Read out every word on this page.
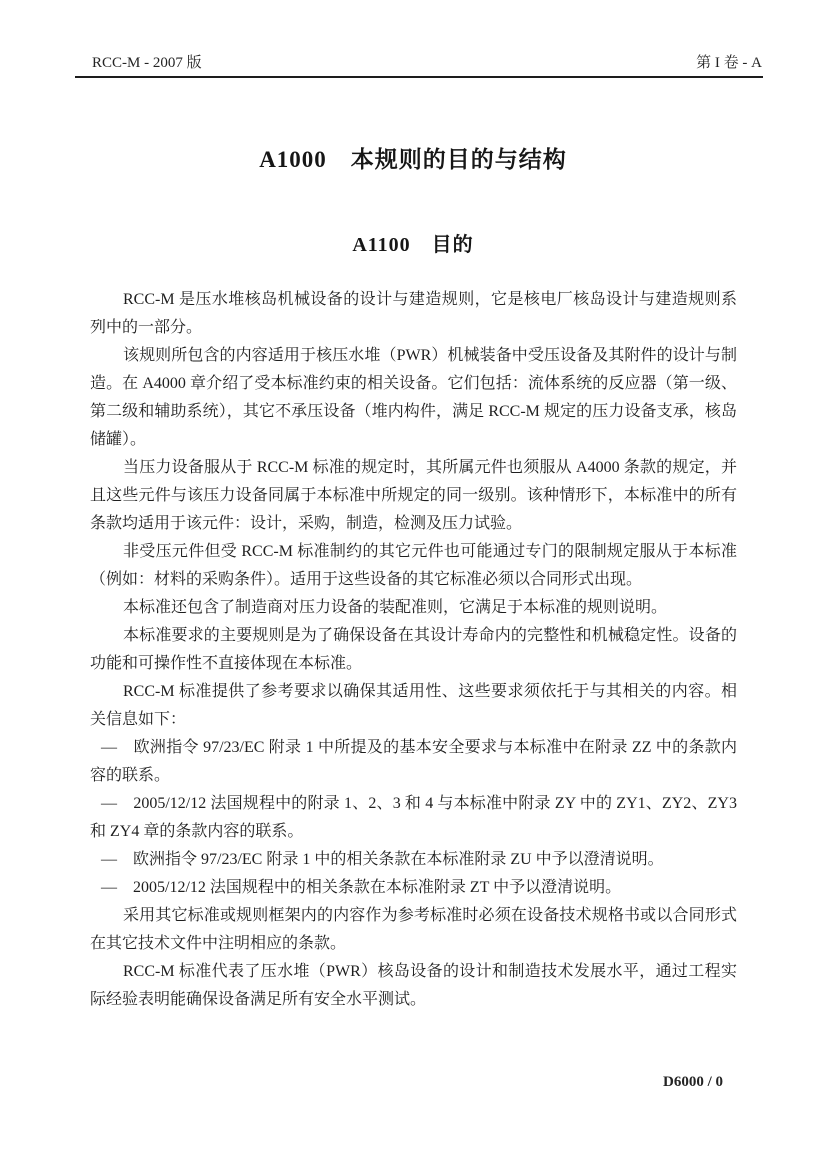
RCC-M - 2007 版	第 I 卷 - A
A1000　本规则的目的与结构
A1100　目的

RCC-M 是压水堆核岛机械设备的设计与建造规则，它是核电厂核岛设计与建造规则系列中的一部分。

该规则所包含的内容适用于核压水堆（PWR）机械装备中受压设备及其附件的设计与制造。在 A4000 章介绍了受本标准约束的相关设备。它们包括：流体系统的反应器（第一级、第二级和辅助系统），其它不承压设备（堆内构件，满足 RCC-M 规定的压力设备支承，核岛储罐）。

当压力设备服从于 RCC-M 标准的规定时，其所属元件也须服从 A4000 条款的规定，并且这些元件与该压力设备同属于本标准中所规定的同一级别。该种情形下，本标准中的所有条款均适用于该元件：设计，采购，制造，检测及压力试验。

非受压元件但受 RCC-M 标准制约的其它元件也可能通过专门的限制规定服从于本标准（例如：材料的采购条件）。适用于这些设备的其它标准必须以合同形式出现。

本标准还包含了制造商对压力设备的装配准则，它满足于本标准的规则说明。

本标准要求的主要规则是为了确保设备在其设计寿命内的完整性和机械稳定性。设备的功能和可操作性不直接体现在本标准。

RCC-M 标准提供了参考要求以确保其适用性、这些要求须依托于与其相关的内容。相关信息如下：

—　欧洲指令 97/23/EC 附录 1 中所提及的基本安全要求与本标准中在附录 ZZ 中的条款内容的联系。

—　2005/12/12 法国规程中的附录 1、2、3 和 4 与本标准中附录 ZY 中的 ZY1、ZY2、ZY3 和 ZY4 章的条款内容的联系。

—　欧洲指令 97/23/EC 附录 1 中的相关条款在本标准附录 ZU 中予以澄清说明。

—　2005/12/12 法国规程中的相关条款在本标准附录 ZT 中予以澄清说明。

采用其它标准或规则框架内的内容作为参考标准时必须在设备技术规格书或以合同形式在其它技术文件中注明相应的条款。

RCC-M 标准代表了压水堆（PWR）核岛设备的设计和制造技术发展水平，通过工程实际经验表明能确保设备满足所有安全水平测试。

D6000 / 0
